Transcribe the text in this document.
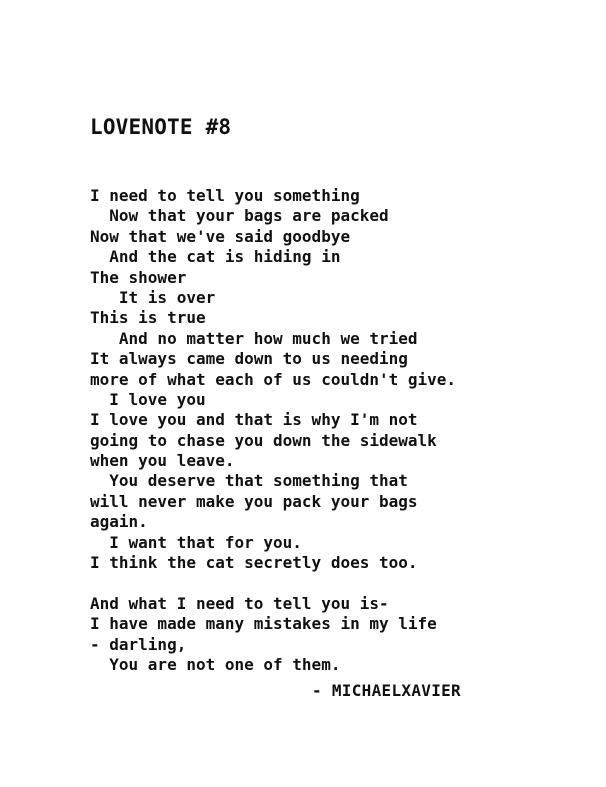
LOVENOTE #8
I need to tell you something
Now that your bags are packed
Now that we've said goodbye
And the cat is hiding in
The shower
It is over
This is true
And no matter how much we tried
It always came down to us needing
more of what each of us couldn't give.
I love you
I love you and that is why I'm not
going to chase you down the sidewalk
when you leave.
You deserve that something that
will never make you pack your bags
again.
I want that for you.
I think the cat secretly does too.
And what I need to tell you is-
I have made many mistakes in my life
- darling,
You are not one of them.
- MICHAELXAVIER
